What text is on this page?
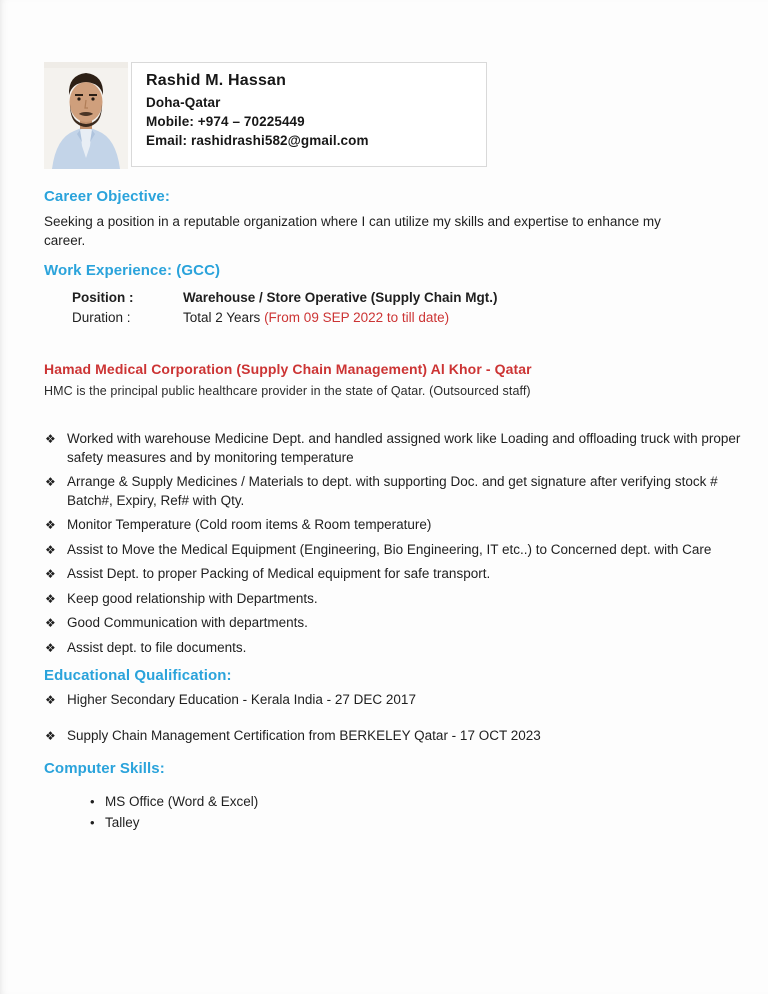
Rashid M. Hassan
Doha-Qatar
Mobile: +974 – 70225449
Email: rashidrashi582@gmail.com
Career Objective:
Seeking a position in a reputable organization where I can utilize my skills and expertise to enhance my career.
Work Experience: (GCC)
Position :	Warehouse / Store Operative (Supply Chain Mgt.)
Duration :	Total 2 Years (From 09 SEP 2022 to till date)
Hamad Medical Corporation (Supply Chain Management) Al Khor - Qatar
HMC is the principal public healthcare provider in the state of Qatar. (Outsourced staff)
❖ Worked with warehouse Medicine Dept. and handled assigned work like Loading and offloading truck with proper safety measures and by monitoring temperature
❖ Arrange & Supply Medicines / Materials to dept. with supporting Doc. and get signature after verifying stock # Batch#, Expiry, Ref# with Qty.
❖ Monitor Temperature (Cold room items & Room temperature)
❖ Assist to Move the Medical Equipment (Engineering, Bio Engineering, IT etc..) to Concerned dept. with Care
❖ Assist Dept. to proper Packing of Medical equipment for safe transport.
❖ Keep good relationship with Departments.
❖ Good Communication with departments.
❖ Assist dept. to file documents.
Educational Qualification:
❖ Higher Secondary Education - Kerala India - 27 DEC 2017
❖ Supply Chain Management Certification from BERKELEY Qatar - 17 OCT 2023
Computer Skills:
• MS Office (Word & Excel)
• Talley
